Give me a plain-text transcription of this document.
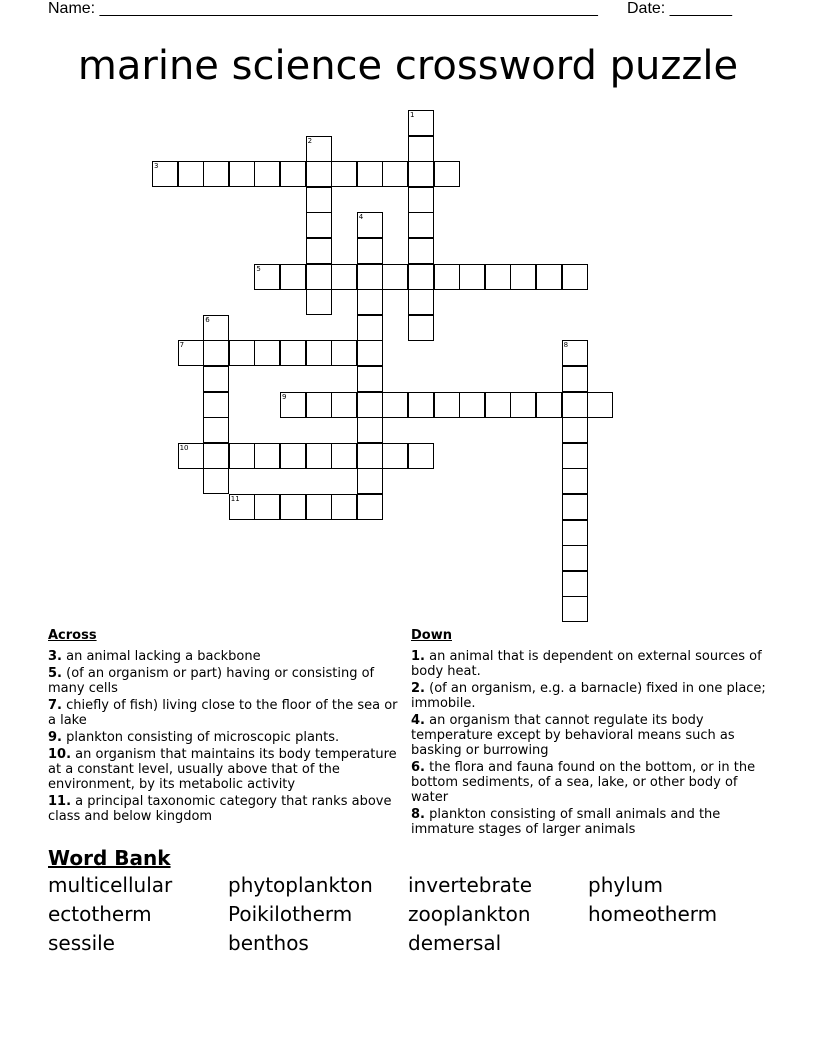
Name: ________________________________________________________ Date: _______
marine science crossword puzzle
1
2
3
4
5
6
7	8
9
10
11
Across
3. an animal lacking a backbone
5. (of an organism or part) having or consisting of many cells
7. chiefly of fish) living close to the floor of the sea or a lake
9. plankton consisting of microscopic plants.
10. an organism that maintains its body temperature at a constant level, usually above that of the environment, by its metabolic activity
11. a principal taxonomic category that ranks above class and below kingdom
Down
1. an animal that is dependent on external sources of body heat.
2. (of an organism, e.g. a barnacle) fixed in one place; immobile.
4. an organism that cannot regulate its body temperature except by behavioral means such as basking or burrowing
6. the flora and fauna found on the bottom, or in the bottom sediments, of a sea, lake, or other body of water
8. plankton consisting of small animals and the immature stages of larger animals
Word Bank
multicellular	phytoplankton	invertebrate	phylum
ectotherm	Poikilotherm	zooplankton	homeotherm
sessile	benthos	demersal
